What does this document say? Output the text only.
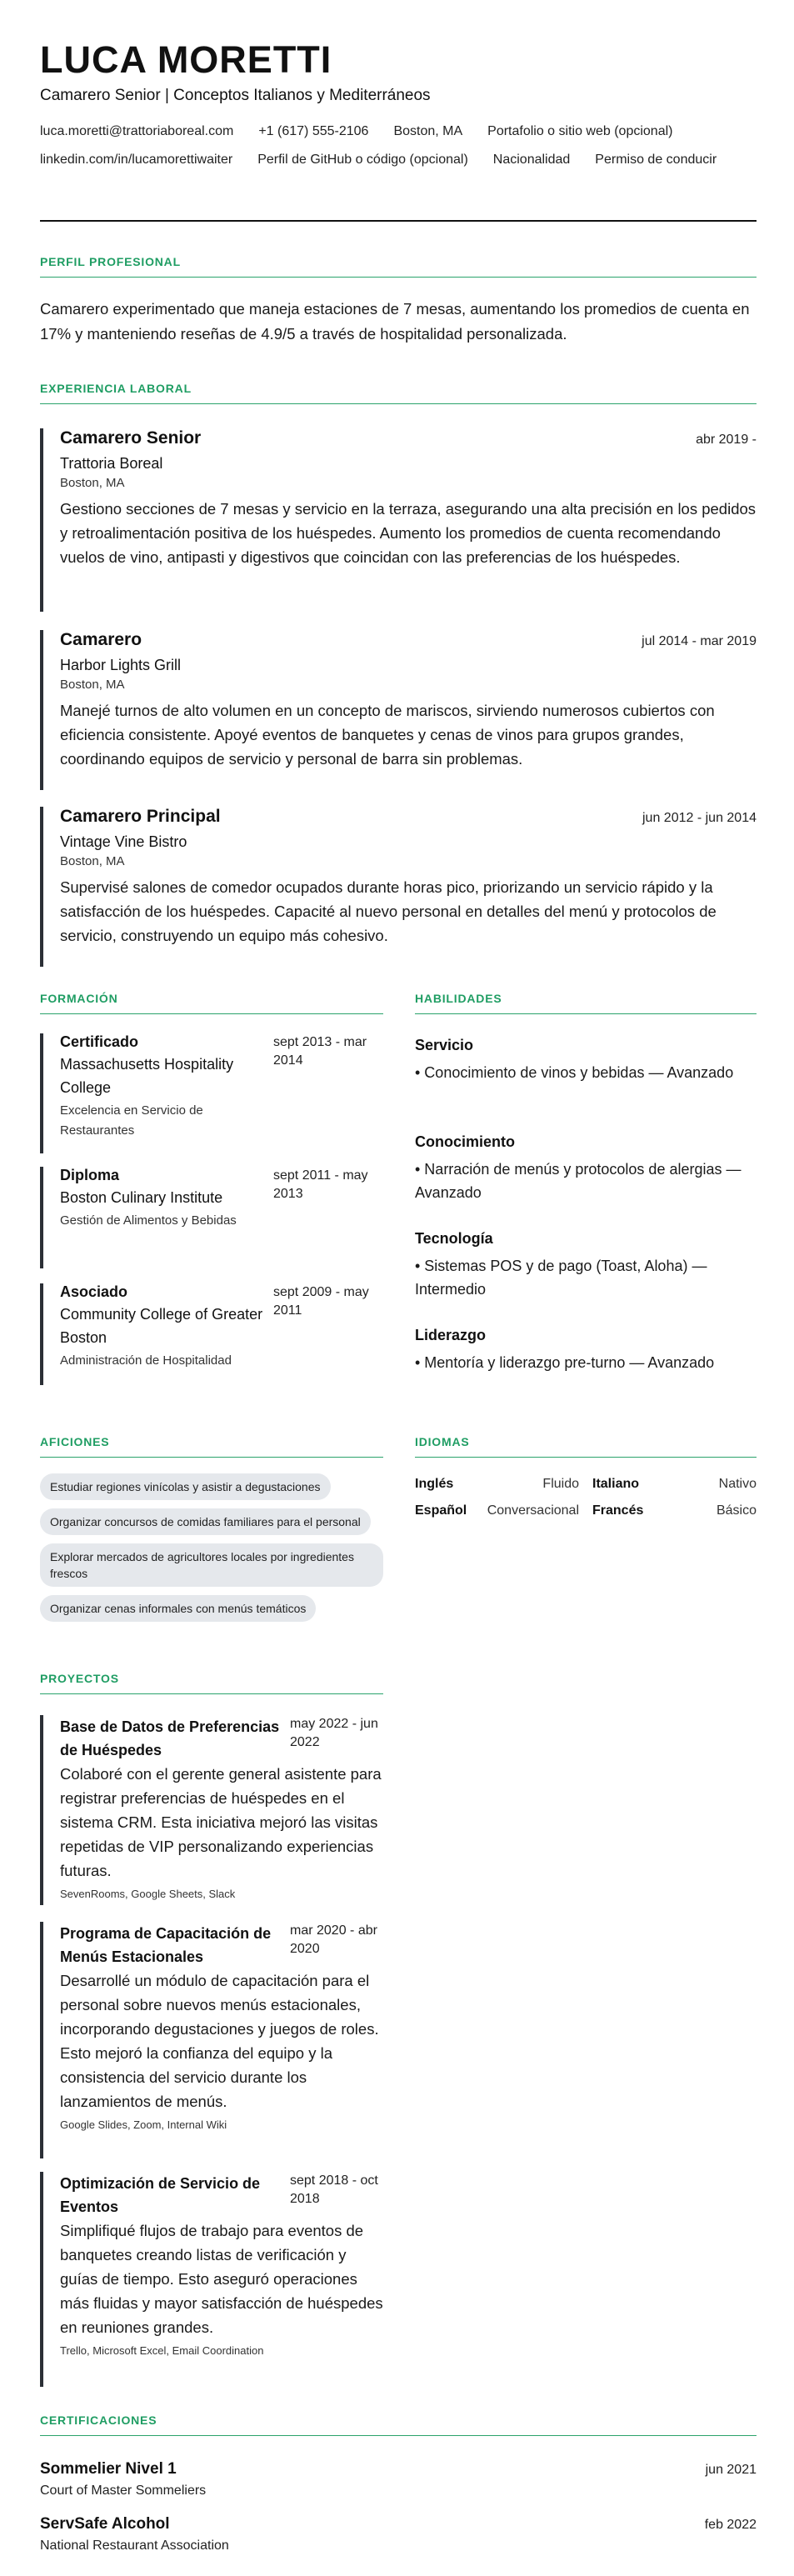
LUCA MORETTI
Camarero Senior | Conceptos Italianos y Mediterráneos
luca.moretti@trattoriaboreal.com +1 (617) 555-2106 Boston, MA Portafolio o sitio web (opcional)
linkedin.com/in/lucamorettiwaiter Perfil de GitHub o código (opcional) Nacionalidad Permiso de conducir
PERFIL PROFESIONAL
Camarero experimentado que maneja estaciones de 7 mesas, aumentando los promedios de cuenta en 17% y manteniendo reseñas de 4.9/5 a través de hospitalidad personalizada.
EXPERIENCIA LABORAL
Camarero Senior	abr 2019 -
Trattoria Boreal
Boston, MA
Gestiono secciones de 7 mesas y servicio en la terraza, asegurando una alta precisión en los pedidos y retroalimentación positiva de los huéspedes. Aumento los promedios de cuenta recomendando vuelos de vino, antipasti y digestivos que coincidan con las preferencias de los huéspedes.
Camarero	jul 2014 - mar 2019
Harbor Lights Grill
Boston, MA
Manejé turnos de alto volumen en un concepto de mariscos, sirviendo numerosos cubiertos con eficiencia consistente. Apoyé eventos de banquetes y cenas de vinos para grupos grandes, coordinando equipos de servicio y personal de barra sin problemas.
Camarero Principal	jun 2012 - jun 2014
Vintage Vine Bistro
Boston, MA
Supervisé salones de comedor ocupados durante horas pico, priorizando un servicio rápido y la satisfacción de los huéspedes. Capacité al nuevo personal en detalles del menú y protocolos de servicio, construyendo un equipo más cohesivo.
FORMACIÓN
Certificado
Massachusetts Hospitality College
Excelencia en Servicio de Restaurantes
sept 2013 - mar 2014
Diploma
Boston Culinary Institute
Gestión de Alimentos y Bebidas
sept 2011 - may 2013
Asociado
Community College of Greater Boston
Administración de Hospitalidad
sept 2009 - may 2011
HABILIDADES
Servicio
• Conocimiento de vinos y bebidas — Avanzado
Conocimiento
• Narración de menús y protocolos de alergias — Avanzado
Tecnología
• Sistemas POS y de pago (Toast, Aloha) — Intermedio
Liderazgo
• Mentoría y liderazgo pre-turno — Avanzado
AFICIONES
Estudiar regiones vinícolas y asistir a degustaciones
Organizar concursos de comidas familiares para el personal
Explorar mercados de agricultores locales por ingredientes frescos
Organizar cenas informales con menús temáticos
IDIOMAS
Inglés	Fluido Italiano	Nativo
Español Conversacional Francés	Básico
PROYECTOS
Base de Datos de Preferencias de Huéspedes
may 2022 - jun 2022
Colaboré con el gerente general asistente para registrar preferencias de huéspedes en el sistema CRM. Esta iniciativa mejoró las visitas repetidas de VIP personalizando experiencias futuras.
SevenRooms, Google Sheets, Slack
Programa de Capacitación de Menús Estacionales
mar 2020 - abr 2020
Desarrollé un módulo de capacitación para el personal sobre nuevos menús estacionales, incorporando degustaciones y juegos de roles. Esto mejoró la confianza del equipo y la consistencia del servicio durante los lanzamientos de menús.
Google Slides, Zoom, Internal Wiki
Optimización de Servicio de Eventos
sept 2018 - oct 2018
Simplifiqué flujos de trabajo para eventos de banquetes creando listas de verificación y guías de tiempo. Esto aseguró operaciones más fluidas y mayor satisfacción de huéspedes en reuniones grandes.
Trello, Microsoft Excel, Email Coordination
CERTIFICACIONES
Sommelier Nivel 1	jun 2021
Court of Master Sommeliers
ServSafe Alcohol	feb 2022
National Restaurant Association
